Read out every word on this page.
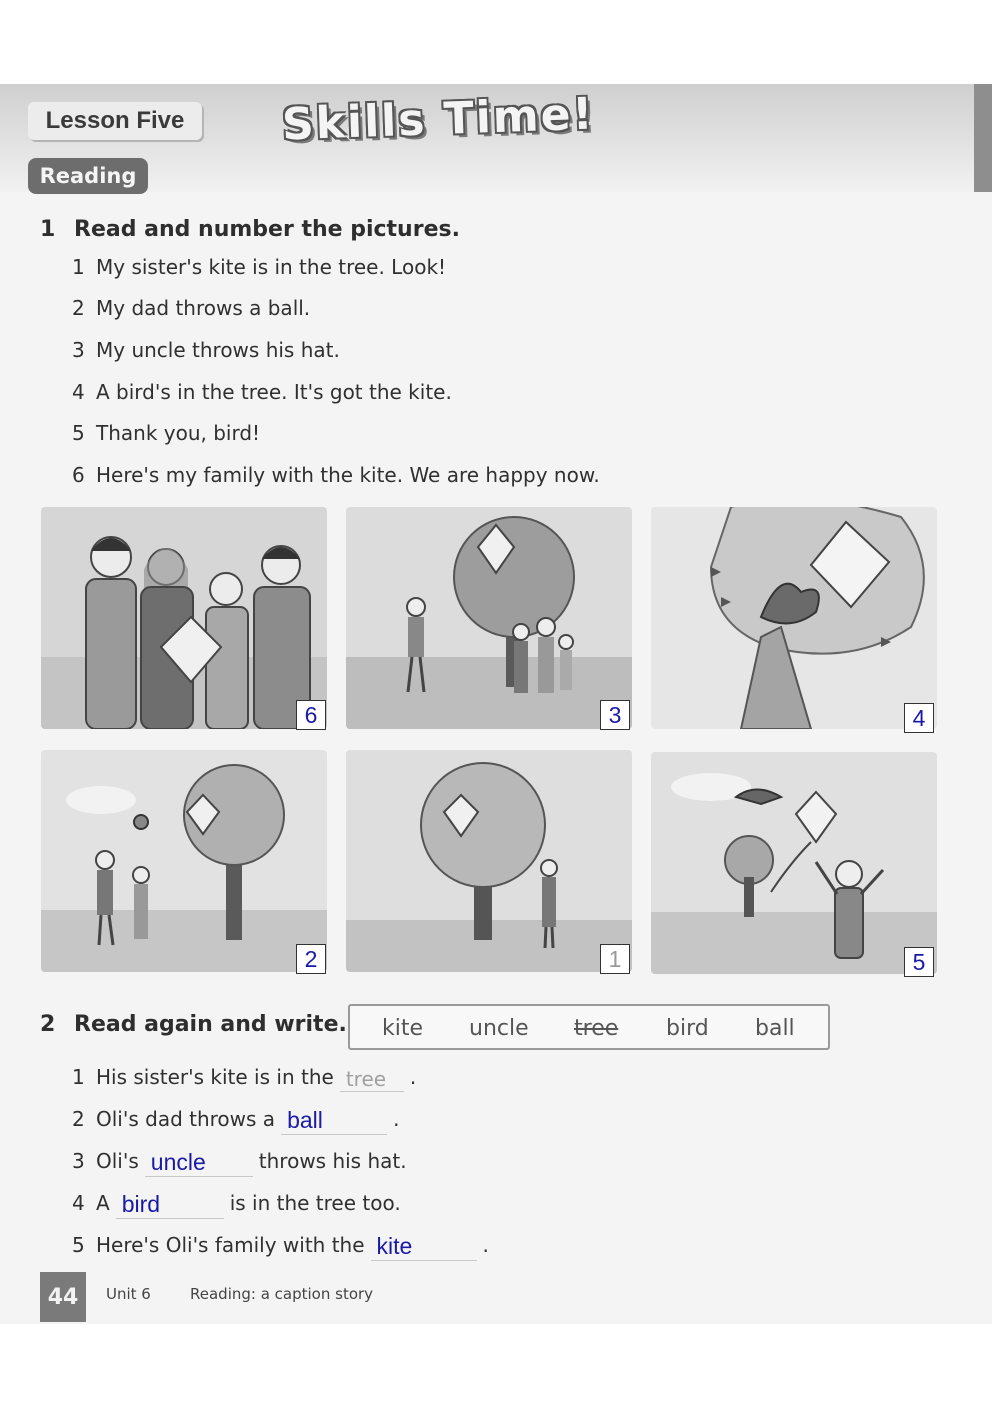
Lesson Five	Skills Time!
Reading
1 Read and number the pictures.
1 My sister's kite is in the tree. Look!
2 My dad throws a ball.
3 My uncle throws his hat.
4 A bird's in the tree. It's got the kite.
5 Thank you, bird!
6 Here's my family with the kite. We are happy now.
6	3	4
2	1	5
2 Read again and write. kite uncle tree bird ball
1 His sister's kite is in the tree .
2 Oli's dad throws a ball	.
3 Oli's uncle	throws his hat.
4 A bird	is in the tree too.
5 Here's Oli's family with the kite	.
44	Unit 6	Reading: a caption story
